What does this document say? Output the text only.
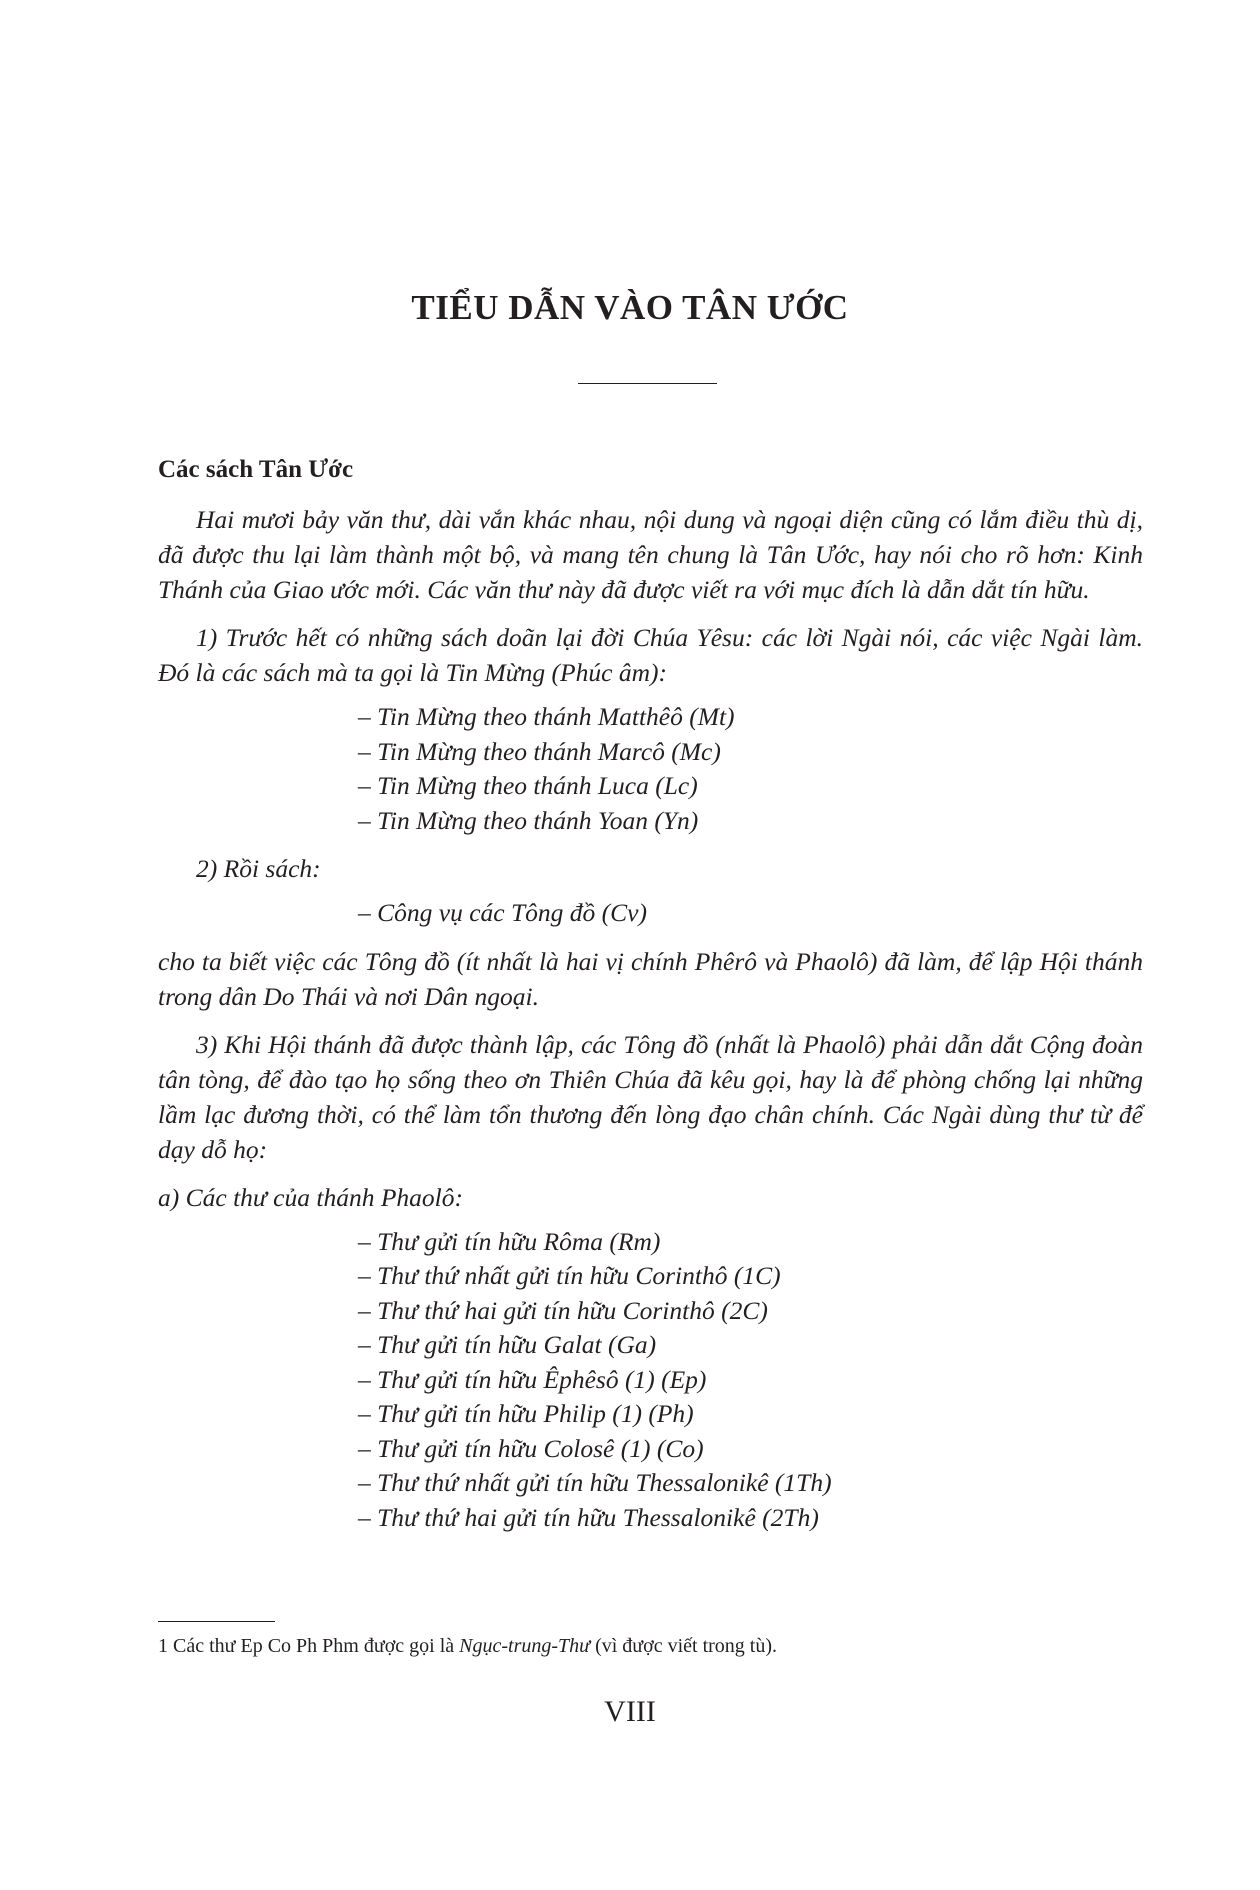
TIỂU DẪN VÀO TÂN ƯỚC
Các sách Tân Ước

Hai mươi bảy văn thư, dài vắn khác nhau, nội dung và ngoại diện cũng có lắm điều thù dị, đã được thu lại làm thành một bộ, và mang tên chung là Tân Ước, hay nói cho rõ hơn: Kinh Thánh của Giao ước mới. Các văn thư này đã được viết ra với mục đích là dẫn dắt tín hữu.

1) Trước hết có những sách doãn lại đời Chúa Yêsu: các lời Ngài nói, các việc Ngài làm. Đó là các sách mà ta gọi là Tin Mừng (Phúc âm):

– Tin Mừng theo thánh Matthêô (Mt)
– Tin Mừng theo thánh Marcô (Mc)
– Tin Mừng theo thánh Luca (Lc)
– Tin Mừng theo thánh Yoan (Yn)

2) Rồi sách:

– Công vụ các Tông đồ (Cv)

cho ta biết việc các Tông đồ (ít nhất là hai vị chính Phêrô và Phaolô) đã làm, để lập Hội thánh trong dân Do Thái và nơi Dân ngoại.

3) Khi Hội thánh đã được thành lập, các Tông đồ (nhất là Phaolô) phải dẫn dắt Cộng đoàn tân tòng, để đào tạo họ sống theo ơn Thiên Chúa đã kêu gọi, hay là để phòng chống lại những lầm lạc đương thời, có thể làm tổn thương đến lòng đạo chân chính. Các Ngài dùng thư từ để dạy dỗ họ:

a) Các thư của thánh Phaolô:

– Thư gửi tín hữu Rôma (Rm)
– Thư thứ nhất gửi tín hữu Corinthô (1C)
– Thư thứ hai gửi tín hữu Corinthô (2C)
– Thư gửi tín hữu Galat (Ga)
– Thư gửi tín hữu Êphêsô (1) (Ep)
– Thư gửi tín hữu Philip (1) (Ph)
– Thư gửi tín hữu Colosê (1) (Co)
– Thư thứ nhất gửi tín hữu Thessalonikê (1Th)
– Thư thứ hai gửi tín hữu Thessalonikê (2Th)

1 Các thư Ep Co Ph Phm được gọi là Ngục-trung-Thư (vì được viết trong tù).

VIII
